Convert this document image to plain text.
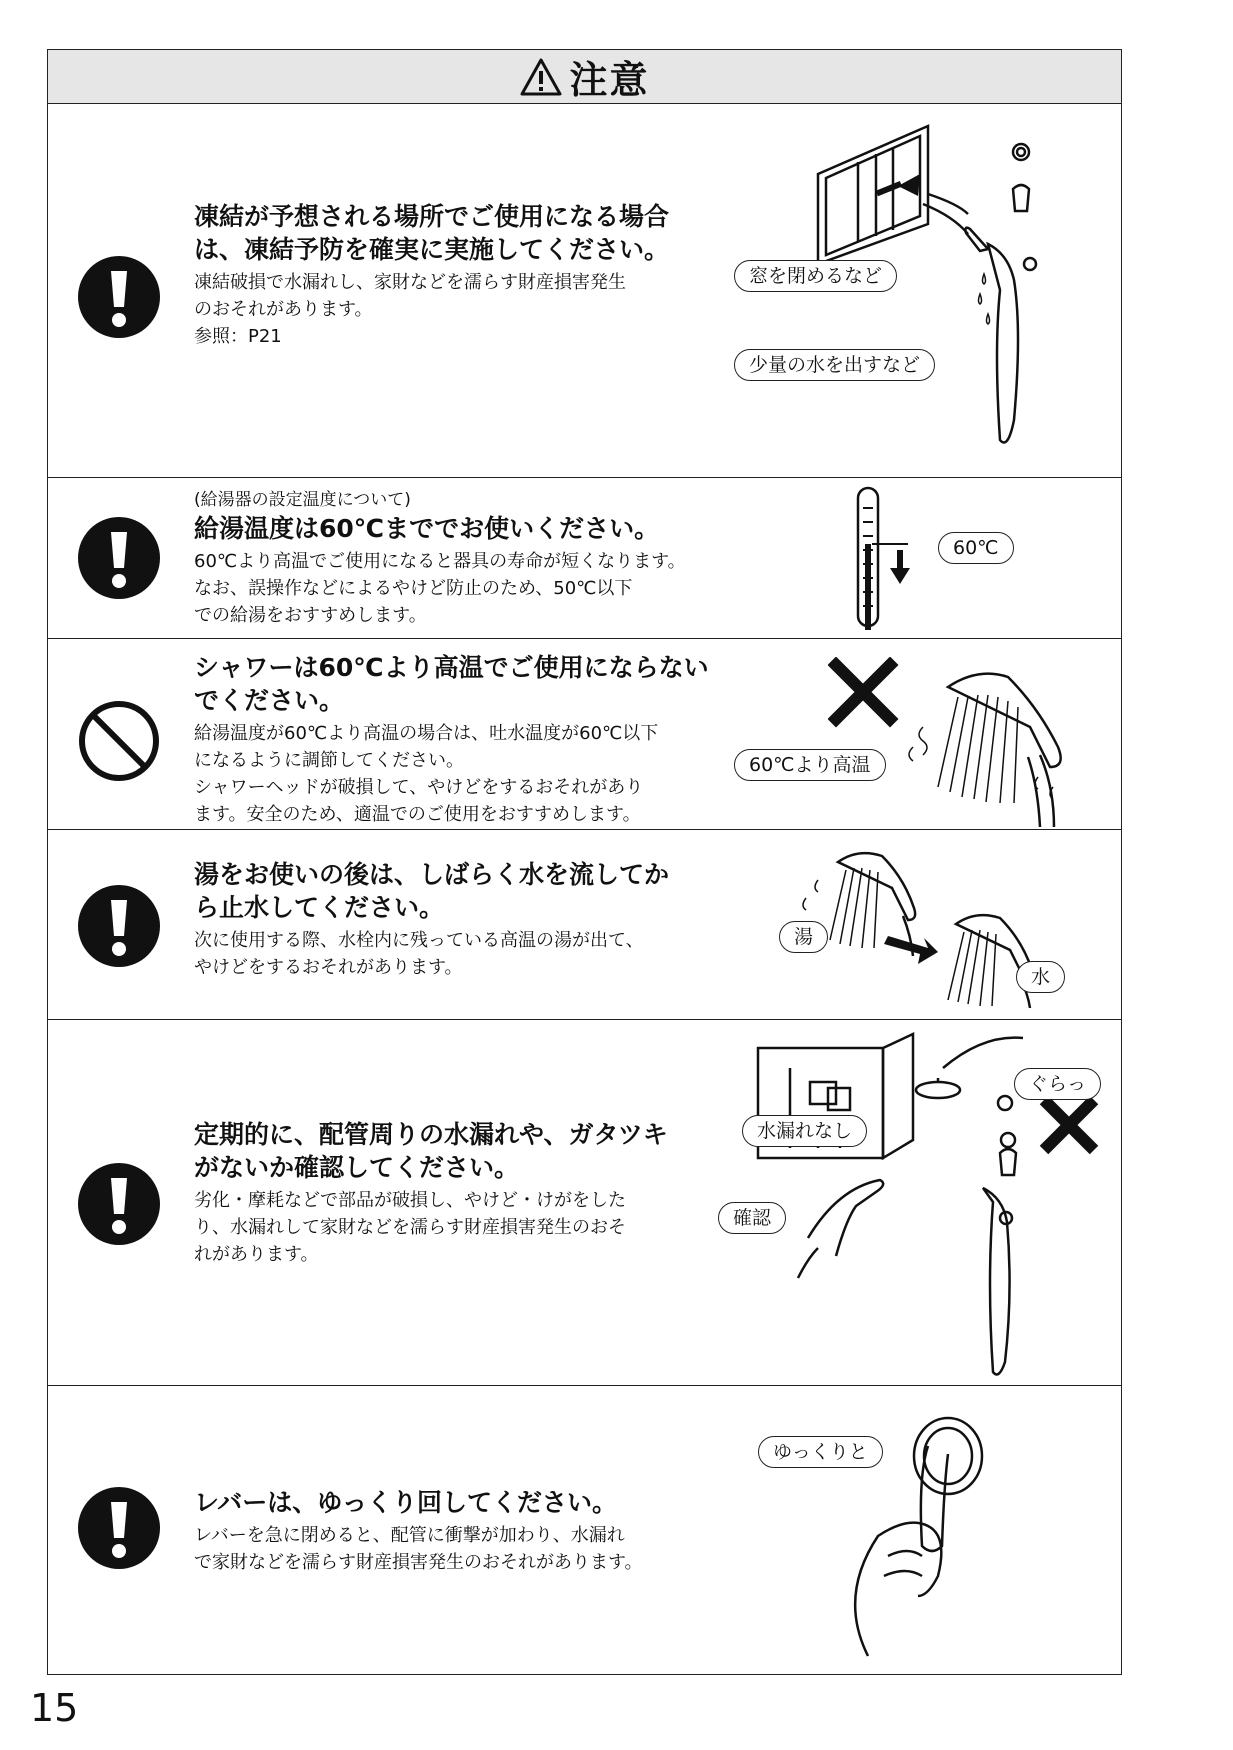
注意
凍結が予想される場所でご使用になる場合
は、凍結予防を確実に実施してください。
凍結破損で水漏れし、家財などを濡らす財産損害発生
のおそれがあります。
参照：P21
窓を閉めるなど
少量の水を出すなど
(給湯器の設定温度について)
給湯温度は60℃まででお使いください。
60℃より高温でご使用になると器具の寿命が短くなります。
なお、誤操作などによるやけど防止のため、50℃以下
での給湯をおすすめします。
60℃
シャワーは60℃より高温でご使用にならない
でください。
給湯温度が60℃より高温の場合は、吐水温度が60℃以下
になるように調節してください。
シャワーヘッドが破損して、やけどをするおそれがあり
ます。安全のため、適温でのご使用をおすすめします。
60℃より高温
湯をお使いの後は、しばらく水を流してか
ら止水してください。
次に使用する際、水栓内に残っている高温の湯が出て、
やけどをするおそれがあります。
湯
水
定期的に、配管周りの水漏れや、ガタツキ
がないか確認してください。
劣化・摩耗などで部品が破損し、やけど・けがをした
り、水漏れして家財などを濡らす財産損害発生のおそ
れがあります。
水漏れなし
確認
ぐらっ
レバーは、ゆっくり回してください。
レバーを急に閉めると、配管に衝撃が加わり、水漏れ
で家財などを濡らす財産損害発生のおそれがあります。
ゆっくりと
15
